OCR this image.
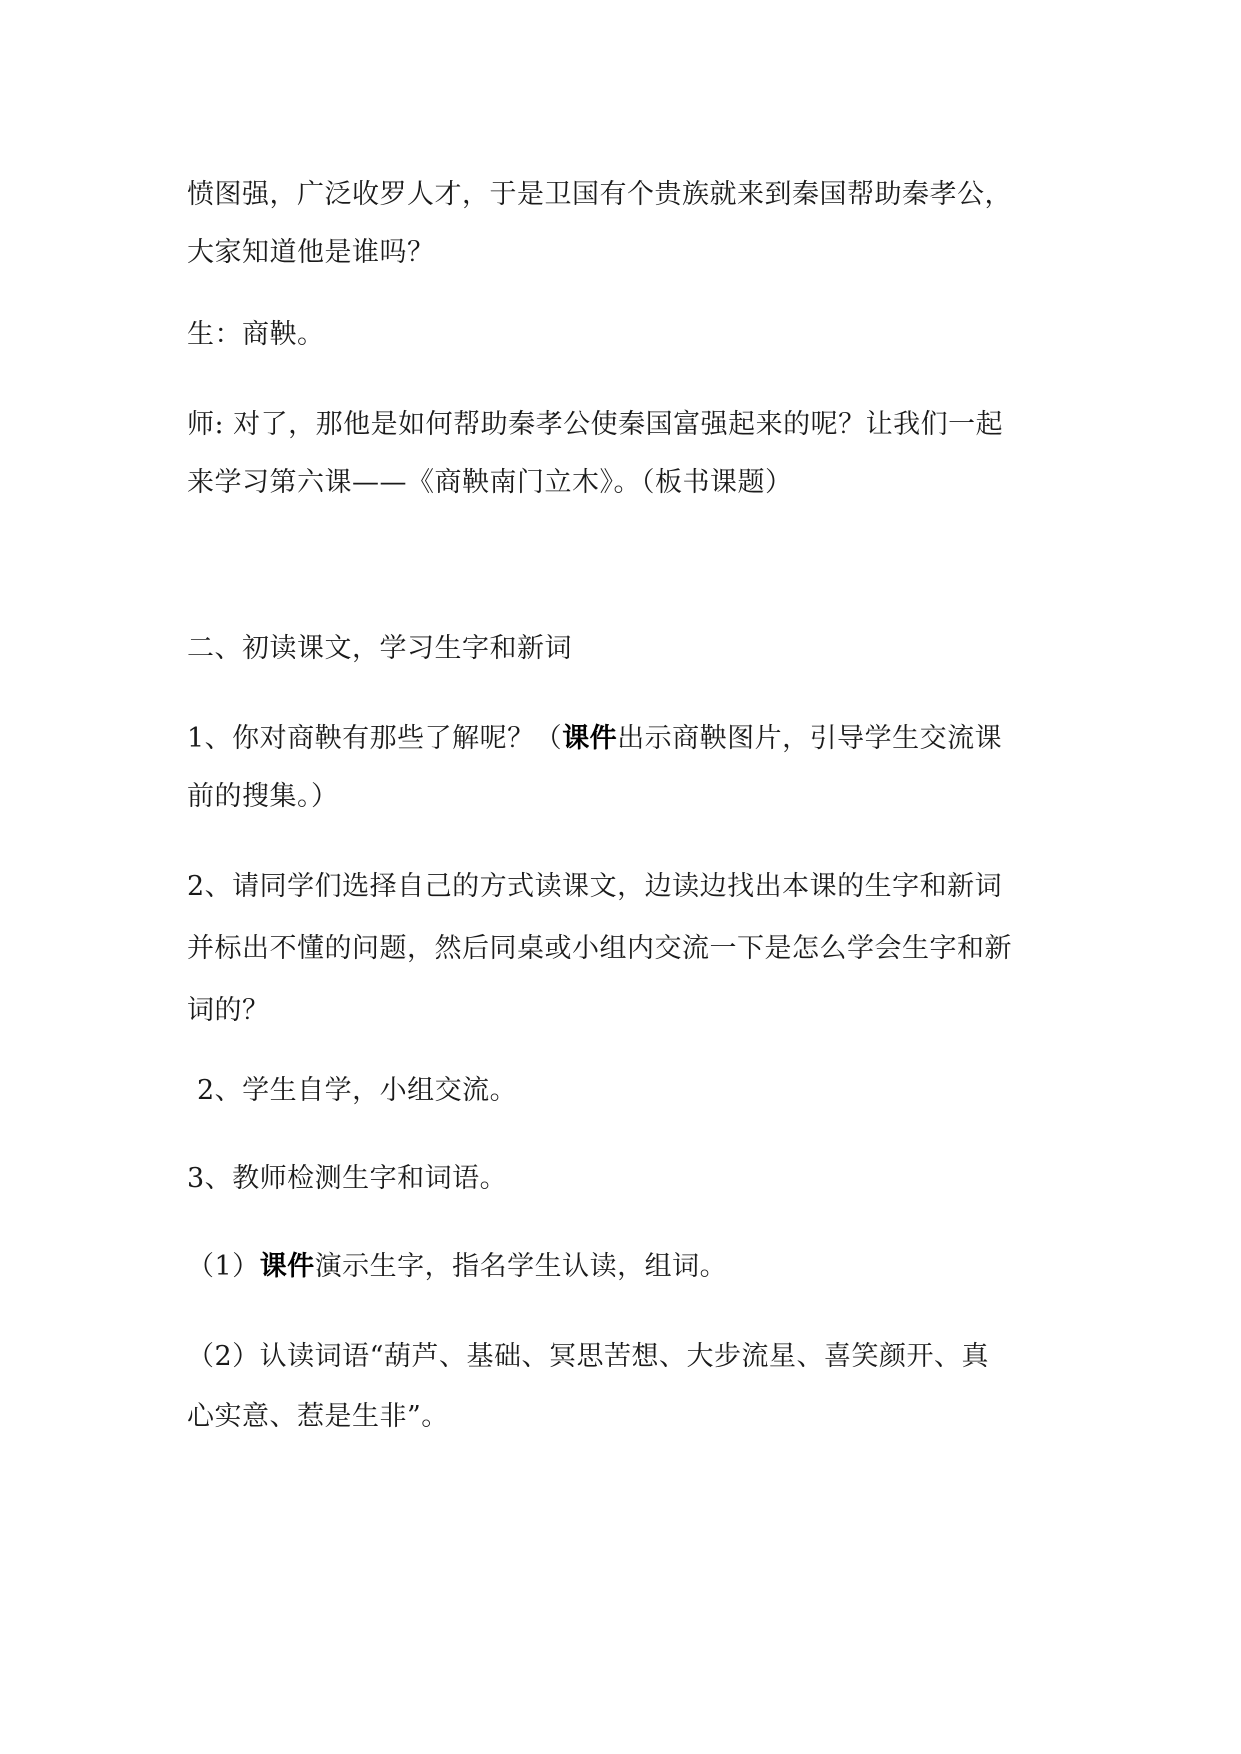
愤图强，广泛收罗人才，于是卫国有个贵族就来到秦国帮助秦孝公，
大家知道他是谁吗？
生：商鞅。
师: 对了，那他是如何帮助秦孝公使秦国富强起来的呢？让我们一起
来学习第六课——《商鞅南门立木》。（板书课题）
二、初读课文，学习生字和新词
1、你对商鞅有那些了解呢？（课件出示商鞅图片，引导学生交流课
前的搜集。）
2、请同学们选择自己的方式读课文，边读边找出本课的生字和新词
并标出不懂的问题，然后同桌或小组内交流一下是怎么学会生字和新
词的？
2、学生自学，小组交流。
3、教师检测生字和词语。
（1）课件演示生字，指名学生认读，组词。
（2）认读词语“葫芦、基础、冥思苦想、大步流星、喜笑颜开、真
心实意、惹是生非”。
